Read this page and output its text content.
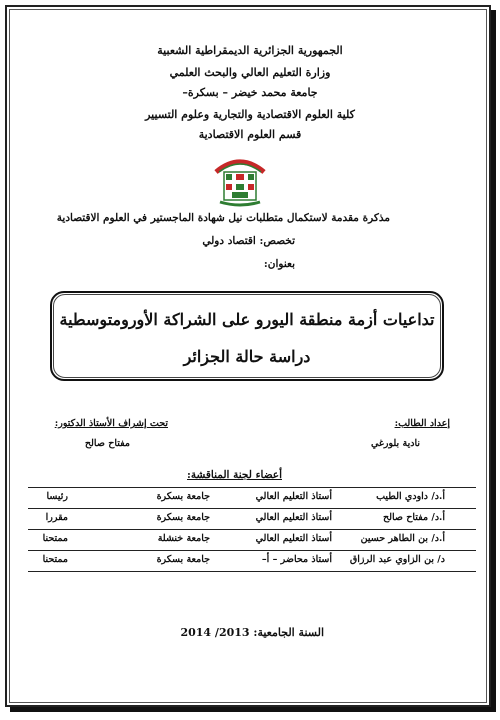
الجمهورية الجزائرية الديمقراطية الشعبية
وزارة التعليم العالي والبحث العلمي
جامعة محمد خيضر – بسكرة–
كلية العلوم الاقتصادية والتجارية وعلوم التسيير
قسم العلوم الاقتصادية
مذكرة مقدمة لاستكمال متطلبات نيل شهادة الماجستير في العلوم الاقتصادية
تخصص: اقتصاد دولي
بعنوان:
تداعيات أزمة منطقة اليورو على الشراكة الأورومتوسطية
دراسة حالة الجزائر
إعداد الطالب:
نادية بلورغي
تحت إشراف الأستاذ الدكتور:
مفتاح صالح
أعضاء لجنة المناقشة:
أ.د/ داودي الطيب
أستاذ التعليم العالي
جامعة بسكرة
رئيسا
أ.د/ مفتاح صالح
أستاذ التعليم العالي
جامعة بسكرة
مقررا
أ.د/ بن الطاهر حسين
أستاذ التعليم العالي
جامعة خنشلة
ممتحنا
د/ بن الزاوي عبد الرزاق
أستاذ محاضر – أ–
جامعة بسكرة
ممتحنا
السنة الجامعية: 2013/ 2014
